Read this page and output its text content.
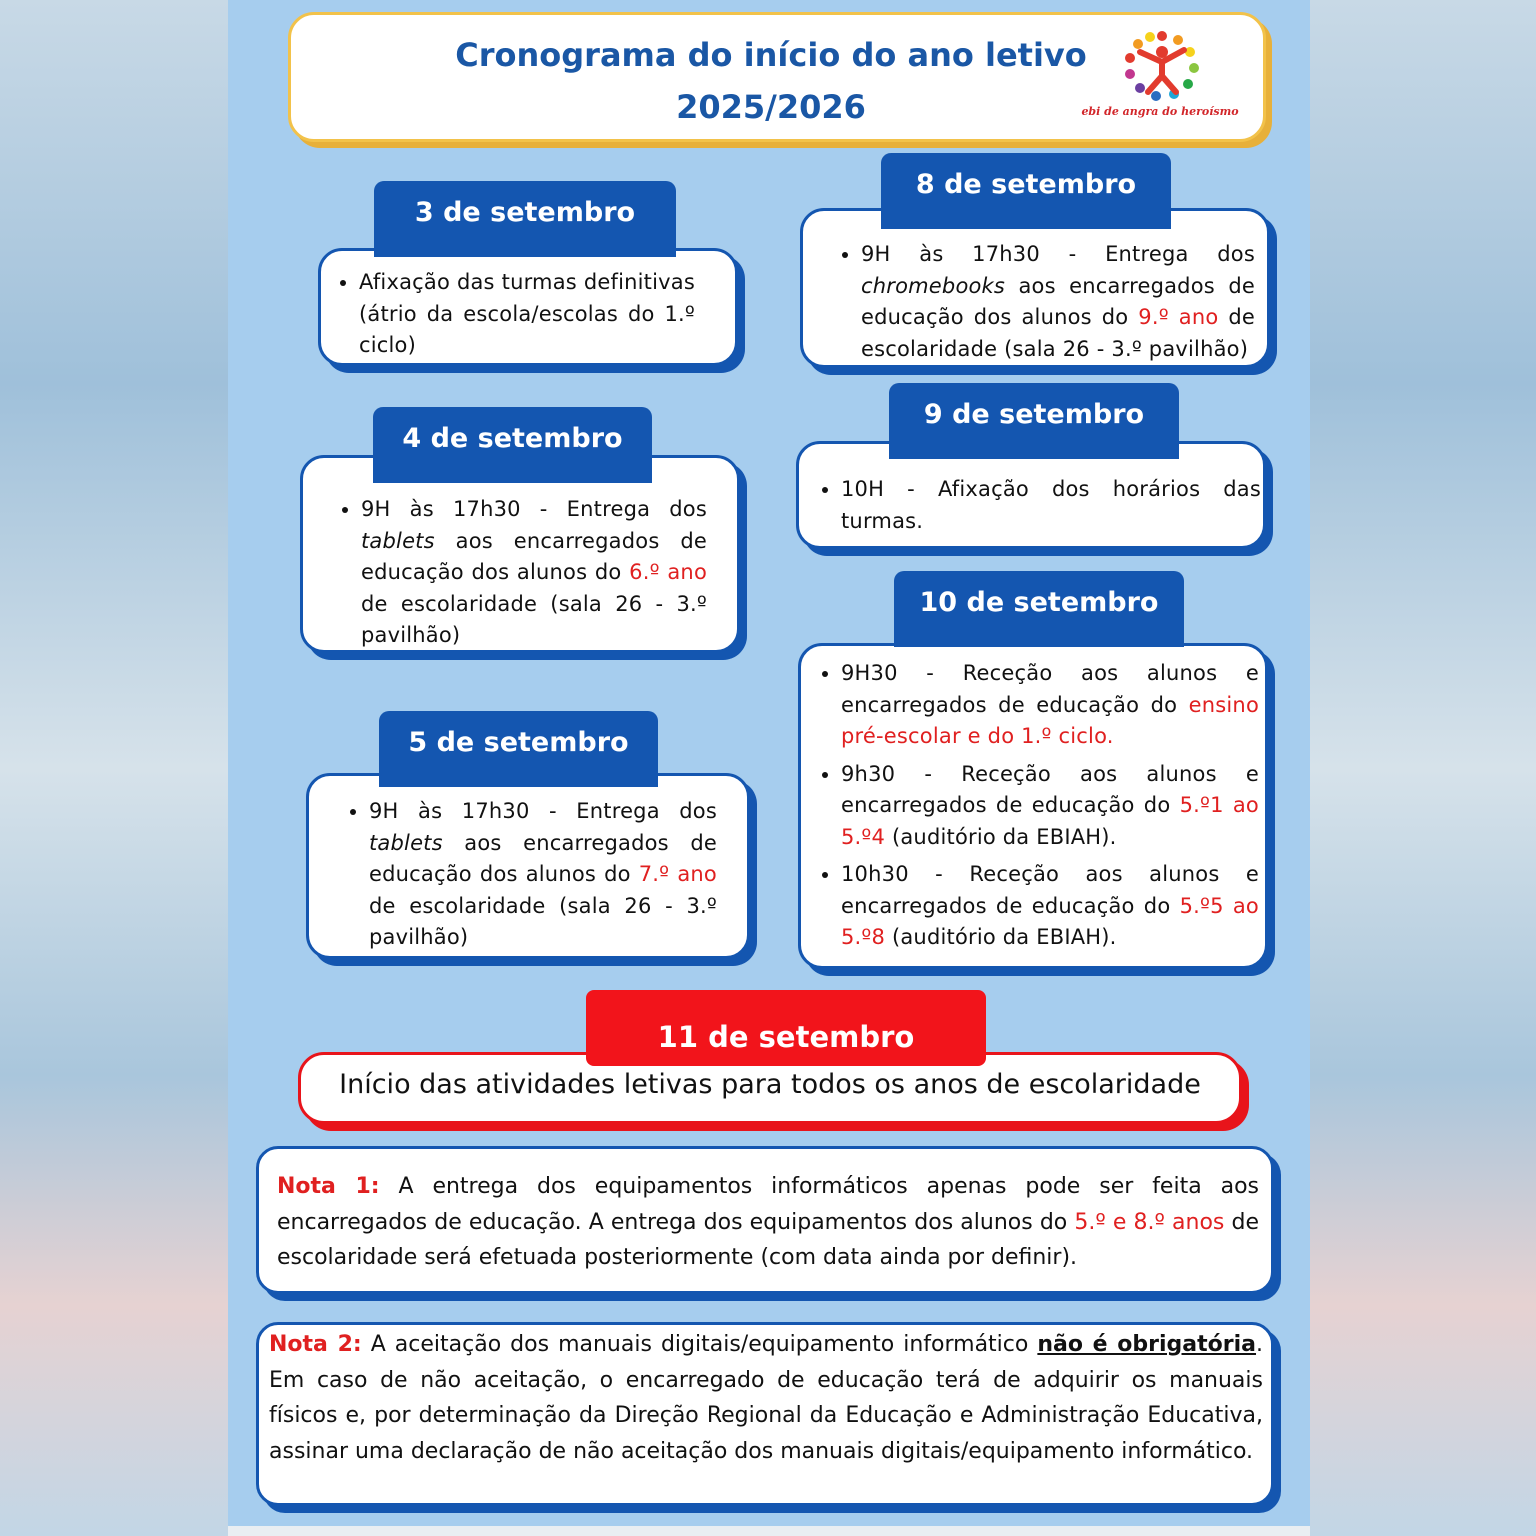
Cronograma do início do ano letivo
2025/2026	ebi de angra do heroísmo
• Afixação das turmas definitivas (átrio da escola/escolas do 1.º ciclo)
3 de setembro
• 9H às 17h30 - Entrega dos tablets aos encarregados de educação dos alunos do 6.º ano de escolaridade (sala 26 - 3.º pavilhão)
4 de setembro
• 9H às 17h30 - Entrega dos tablets aos encarregados de educação dos alunos do 7.º ano de escolaridade (sala 26 - 3.º pavilhão)
5 de setembro
• 9H às 17h30 - Entrega dos chromebooks aos encarregados de educação dos alunos do 9.º ano de escolaridade (sala 26 - 3.º pavilhão)
8 de setembro
• 10H - Afixação dos horários das turmas.
9 de setembro
• 9H30 - Receção aos alunos e encarregados de educação do ensino pré-escolar e do 1.º ciclo.
• 9h30 - Receção aos alunos e encarregados de educação do 5.º1 ao 5.º4 (auditório da EBIAH).
• 10h30 - Receção aos alunos e encarregados de educação do 5.º5 ao 5.º8 (auditório da EBIAH).
10 de setembro
Início das atividades letivas para todos os anos de escolaridade
11 de setembro
Nota 1: A entrega dos equipamentos informáticos apenas pode ser feita aos encarregados de educação. A entrega dos equipamentos dos alunos do 5.º e 8.º anos de escolaridade será efetuada posteriormente (com data ainda por definir).
Nota 2: A aceitação dos manuais digitais/equipamento informático não é obrigatória. Em caso de não aceitação, o encarregado de educação terá de adquirir os manuais físicos e, por determinação da Direção Regional da Educação e Administração Educativa, assinar uma declaração de não aceitação dos manuais digitais/equipamento informático.
